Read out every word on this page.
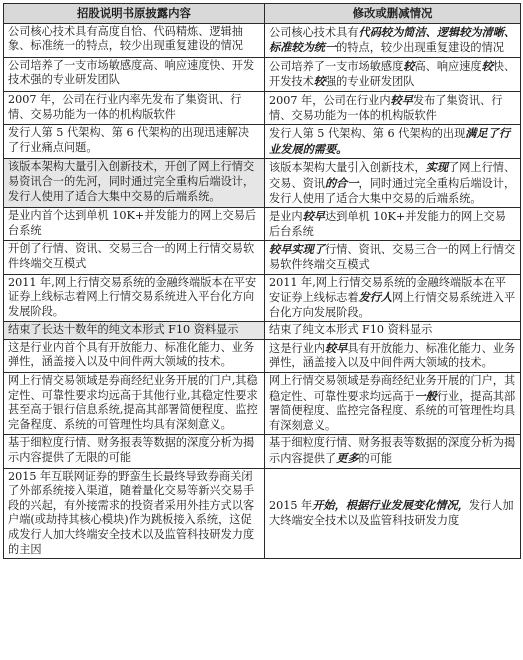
招股说明书原披露内容	修改或删减情况
公司核心技术具有高度自恰、代码精炼、逻辑抽象、标准统一的特点，较少出现重复建设的情况	公司核心技术具有代码较为简洁、逻辑较为清晰、标准较为统一的特点，较少出现重复建设的情况
公司培养了一支市场敏感度高、响应速度快、开发技术强的专业研发团队	公司培养了一支市场敏感度较高、响应速度较快、开发技术较强的专业研发团队
2007 年，公司在行业内率先发布了集资讯、行情、交易功能为一体的机构版软件	2007 年，公司在行业内较早发布了集资讯、行情、交易功能为一体的机构版软件
发行人第 5 代架构、第 6 代架构的出现迅速解决了行业痛点问题。	发行人第 5 代架构、第 6 代架构的出现满足了行业发展的需要。
该版本架构大量引入创新技术，开创了网上行情交易资讯合一的先河，同时通过完全重构后端设计，发行人使用了适合大集中交易的后端系统。	该版本架构大量引入创新技术，实现了网上行情、交易、资讯的合一，同时通过完全重构后端设计，发行人使用了适合大集中交易的后端系统。
是业内首个达到单机 10K+并发能力的网上交易后台系统	是业内较早达到单机 10K+并发能力的网上交易后台系统
开创了行情、资讯、交易三合一的网上行情交易软件终端交互模式	较早实现了行情、资讯、交易三合一的网上行情交易软件终端交互模式
2011 年,网上行情交易系统的金融终端版本在平安证券上线标志着网上行情交易系统进入平台化方向发展阶段。	2011 年,网上行情交易系统的金融终端版本在平安证券上线标志着发行人网上行情交易系统进入平台化方向发展阶段。
结束了长达十数年的纯文本形式 F10 资料显示	结束了纯文本形式 F10 资料显示
这是行业内首个具有开放能力、标准化能力、业务弹性，涵盖接入以及中间件两大领域的技术。	这是行业内较早具有开放能力、标准化能力、业务弹性，涵盖接入以及中间件两大领域的技术。
网上行情交易领域是券商经纪业务开展的门户,其稳定性、可靠性要求均远高于其他行业,其稳定性要求甚至高于银行信息系统,提高其部署简便程度、监控完备程度、系统的可管理性均具有深刻意义。	网上行情交易领域是券商经纪业务开展的门户，其稳定性、可靠性要求均远高于一般行业，提高其部署简便程度、监控完备程度、系统的可管理性均具有深刻意义。
基于细粒度行情、财务报表等数据的深度分析为揭示内容提供了无限的可能	基于细粒度行情、财务报表等数据的深度分析为揭示内容提供了更多的可能
2015 年互联网证券的野蛮生长最终导致券商关闭了外部系统接入渠道，随着量化交易等新兴交易手段的兴起，有外接需求的投资者采用外挂方式以客户端(或劫持其核心模块)作为跳板接入系统，这促成发行人加大终端安全技术以及监管科技研发力度的主因	2015 年开始，根据行业发展变化情况，发行人加大终端安全技术以及监管科技研发力度
